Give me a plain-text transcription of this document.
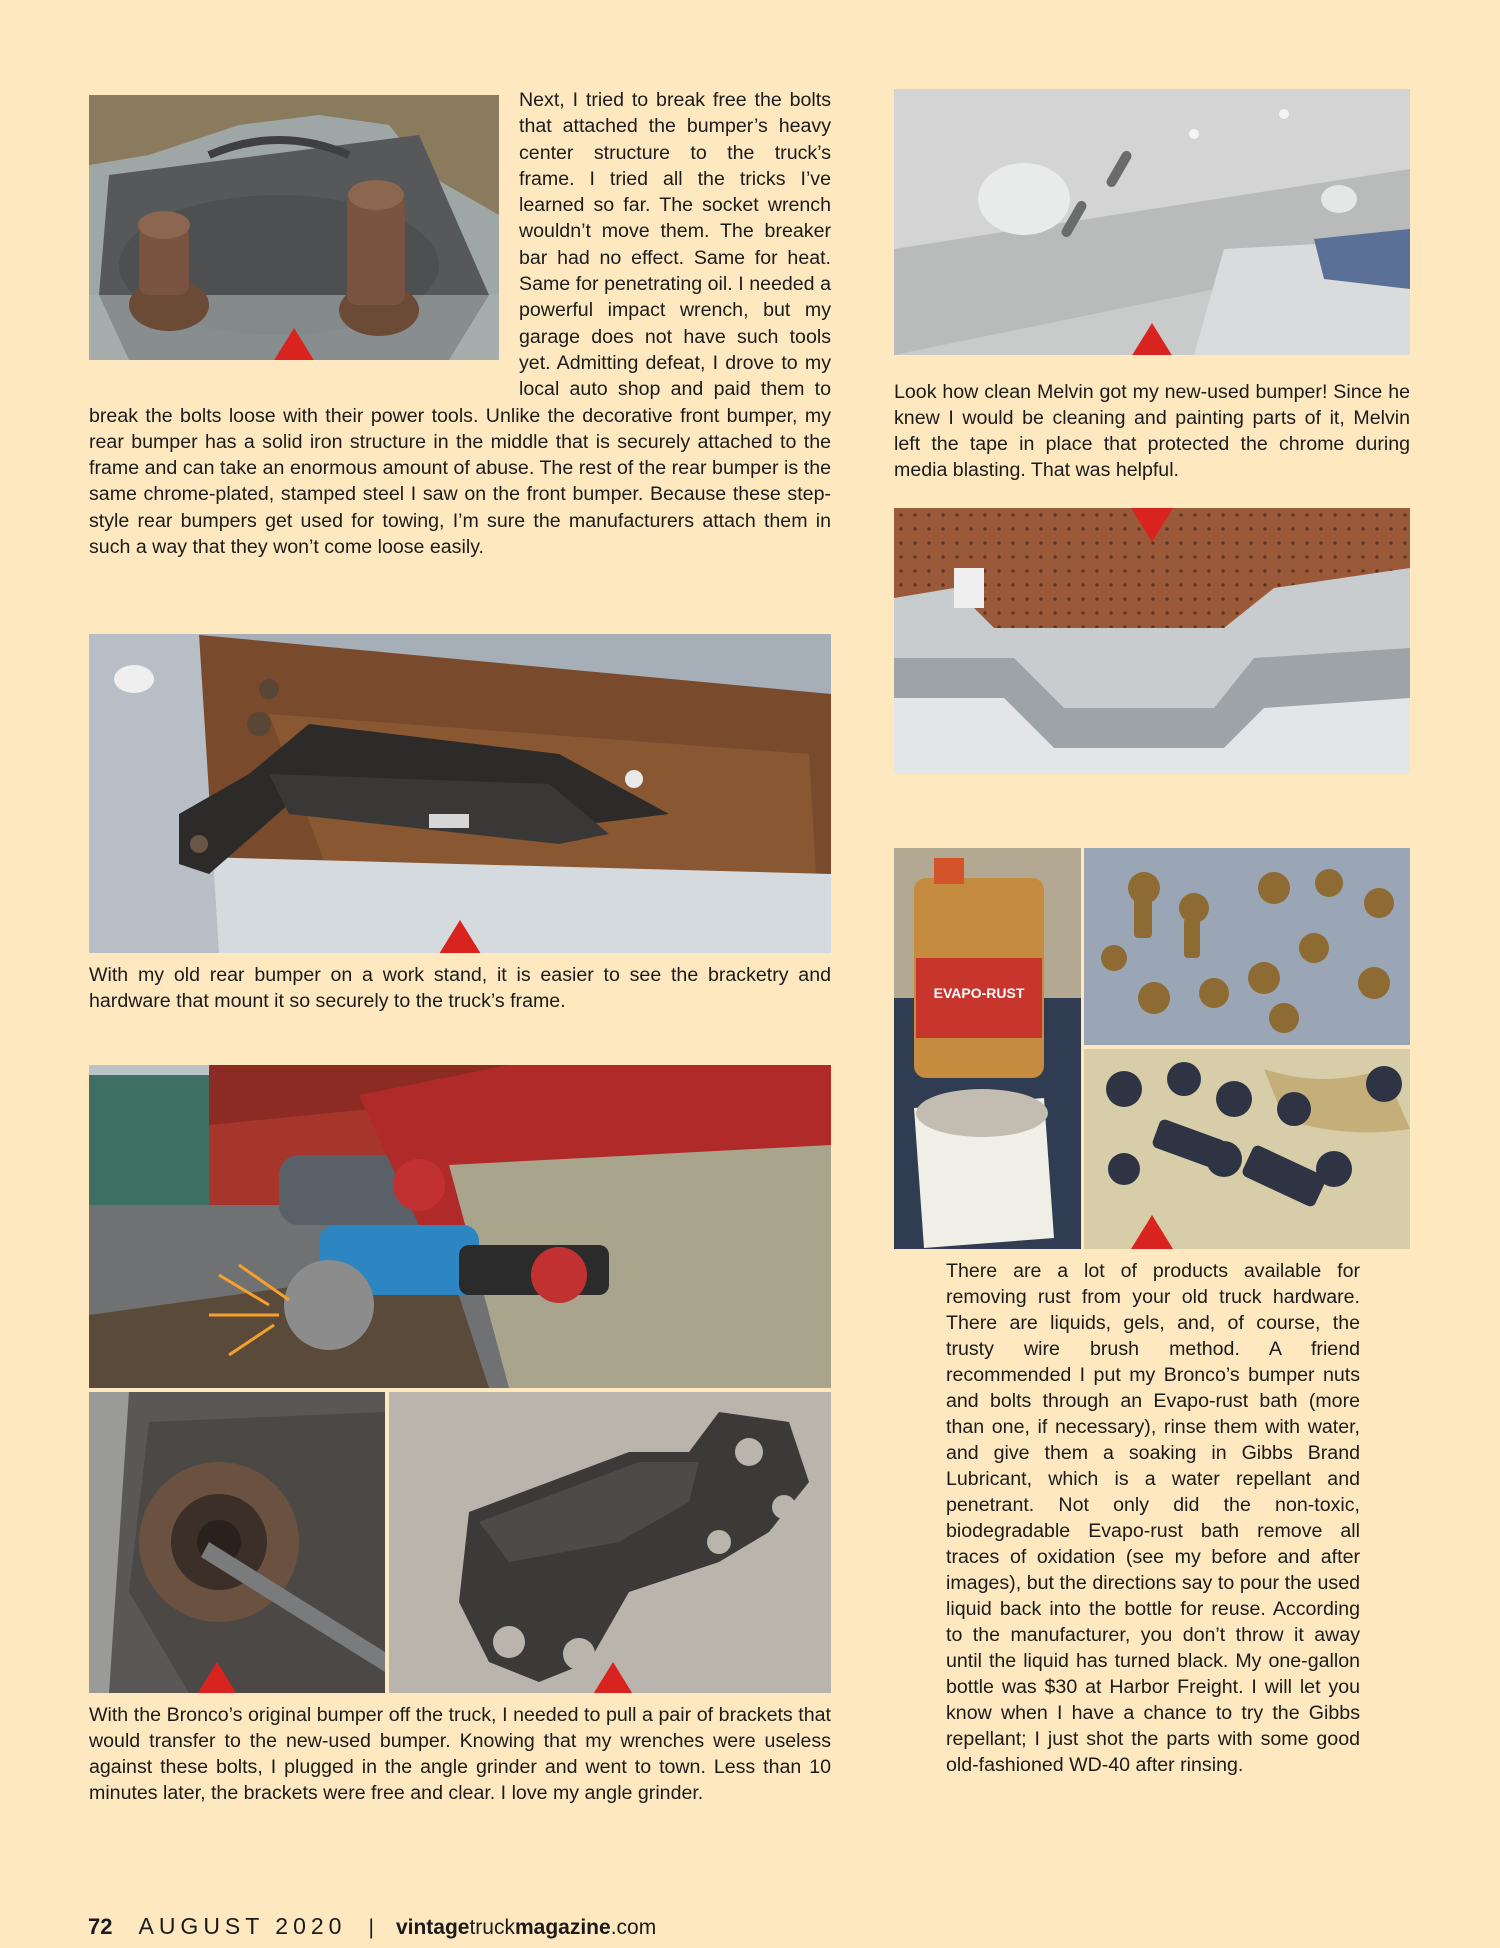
Next, I tried to break free the bolts that attached the bumper’s heavy center structure to the truck’s frame. I tried all the tricks I’ve learned so far. The socket wrench wouldn’t move them. The breaker bar had no effect. Same for heat. Same for penetrating oil. I needed a powerful impact wrench, but my garage does not have such tools yet. Admitting defeat, I drove to my local auto shop and paid them to break the bolts loose with their power tools. Unlike the decorative front bumper, my rear bumper has a solid iron structure in the middle that is securely attached to the frame and can take an enormous amount of abuse. The rest of the rear bumper is the same chrome-plated, stamped steel I saw on the front bumper. Because these step-style rear bumpers get used for towing, I’m sure the manufacturers attach them in such a way that they won’t come loose easily.

With my old rear bumper on a work stand, it is easier to see the bracketry and hardware that mount it so securely to the truck’s frame.
With the Bronco’s original bumper off the truck, I needed to pull a pair of brackets that would transfer to the new-used bumper. Knowing that my wrenches were useless against these bolts, I plugged in the angle grinder and went to town. Less than 10 minutes later, the brackets were free and clear. I love my angle grinder.
Look how clean Melvin got my new-used bumper! Since he knew I would be cleaning and painting parts of it, Melvin left the tape in place that protected the chrome during media blasting. That was helpful.
EVAPO-RUST
There are a lot of products available for removing rust from your old truck hardware. There are liquids, gels, and, of course, the trusty wire brush method. A friend recommended I put my Bronco’s bumper nuts and bolts through an Evapo-rust bath (more than one, if necessary), rinse them with water, and give them a soaking in Gibbs Brand Lubricant, which is a water repellant and penetrant. Not only did the non-toxic, biodegradable Evapo-rust bath remove all traces of oxidation (see my before and after images), but the directions say to pour the used liquid back into the bottle for reuse. According to the manufacturer, you don’t throw it away until the liquid has turned black. My one-gallon bottle was $30 at Harbor Freight. I will let you know when I have a chance to try the Gibbs repellant; I just shot the parts with some good old-fashioned WD-40 after rinsing.
72 AUGUST 2020 | vintagetruckmagazine.com
